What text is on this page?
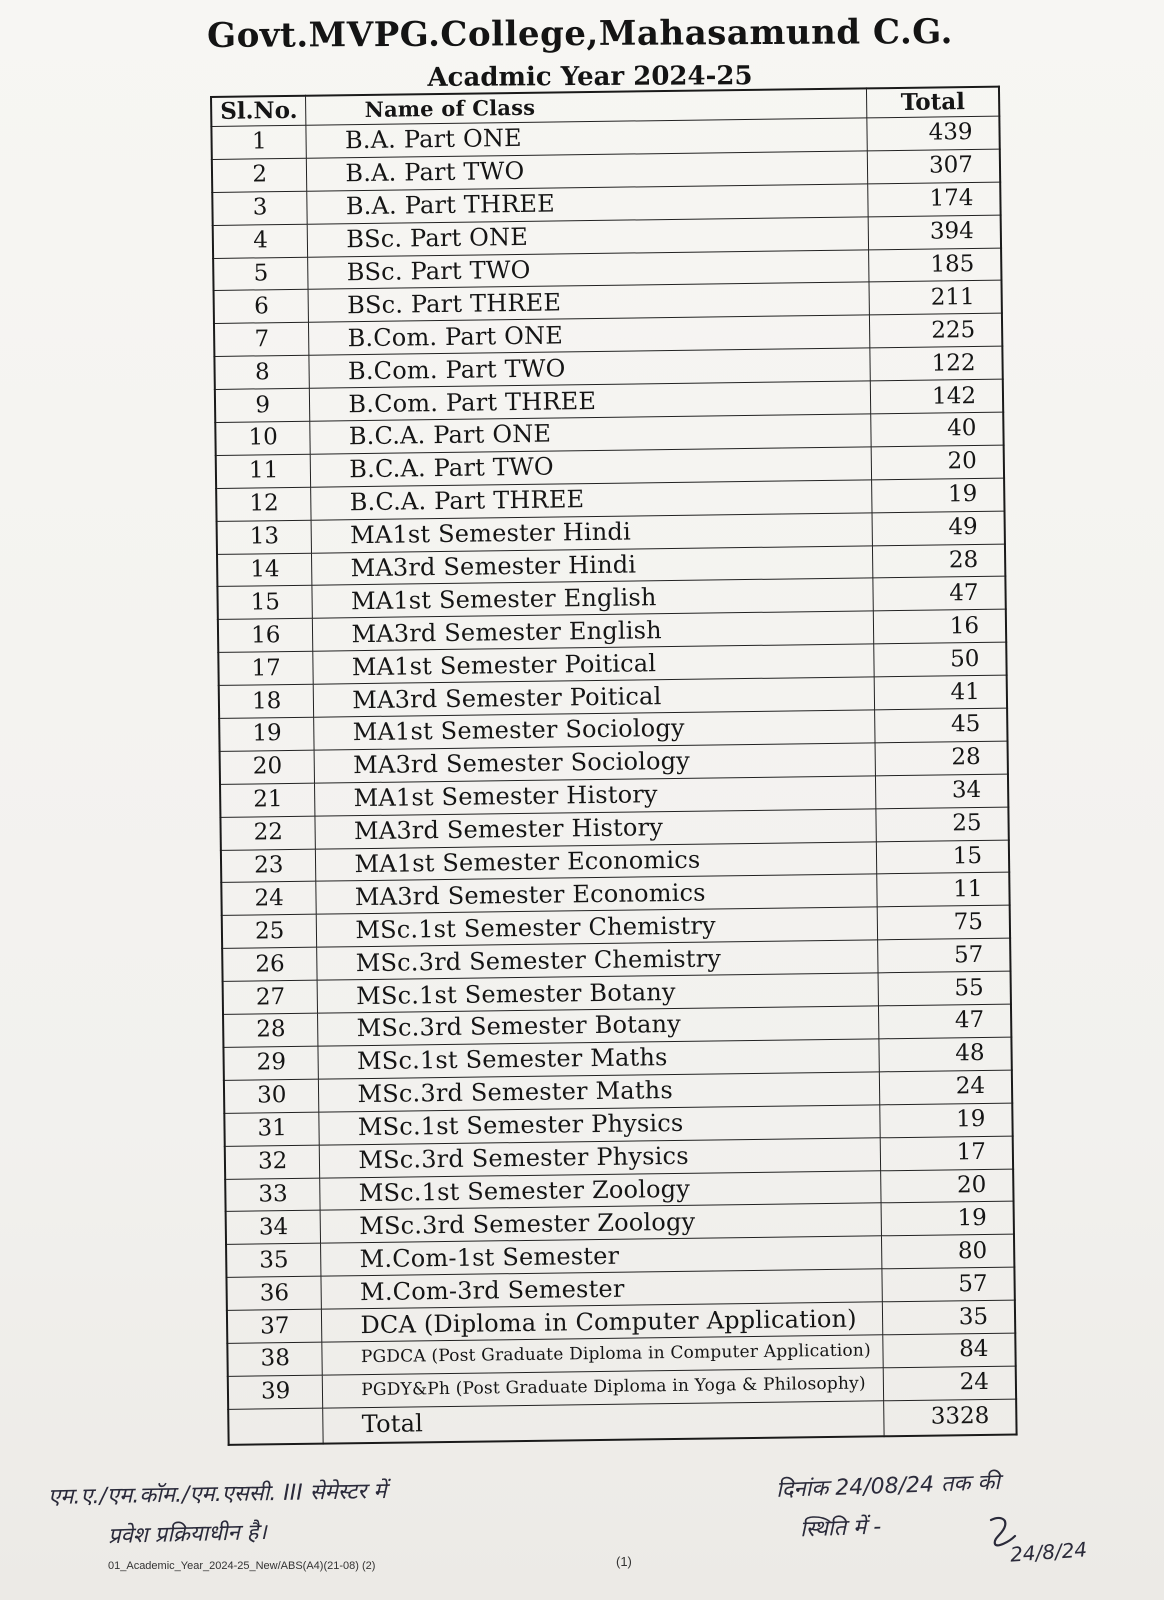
Govt.MVPG.College,Mahasamund C.G.
Acadmic Year 2024-25
Sl.No.	Name of Class	Total
1	B.A. Part ONE	439
2	B.A. Part TWO	307
3	B.A. Part THREE	174
4	BSc. Part ONE	394
5	BSc. Part TWO	185
6	BSc. Part THREE	211
7	B.Com. Part ONE	225
8	B.Com. Part TWO	122
9	B.Com. Part THREE	142
10	B.C.A. Part ONE	40
11	B.C.A. Part TWO	20
12	B.C.A. Part THREE	19
13	MA1st Semester Hindi	49
14	MA3rd Semester Hindi	28
15	MA1st Semester English	47
16	MA3rd Semester English	16
17	MA1st Semester Poitical	50
18	MA3rd Semester Poitical	41
19	MA1st Semester Sociology	45
20	MA3rd Semester Sociology	28
21	MA1st Semester History	34
22	MA3rd Semester History	25
23	MA1st Semester Economics	15
24	MA3rd Semester Economics	11
25	MSc.1st Semester Chemistry	75
26	MSc.3rd Semester Chemistry	57
27	MSc.1st Semester Botany	55
28	MSc.3rd Semester Botany	47
29	MSc.1st Semester Maths	48
30	MSc.3rd Semester Maths	24
31	MSc.1st Semester Physics	19
32	MSc.3rd Semester Physics	17
33	MSc.1st Semester Zoology	20
34	MSc.3rd Semester Zoology	19
35	M.Com-1st Semester	80
36	M.Com-3rd Semester	57
37	DCA (Diploma in Computer Application)	35
38	PGDCA (Post Graduate Diploma in Computer Application)	84
39	PGDY&Ph (Post Graduate Diploma in Yoga & Philosophy)	24
	Total	3328
एम.ए./एम.कॉम./एम.एससी. III सेमेस्टर में
प्रवेश प्रक्रियाधीन है।
दिनांक 24/08/24 तक की
स्थिति में -
24/8/24
01_Academic_Year_2024-25_New/ABS(A4)(21-08) (2)	(1)
